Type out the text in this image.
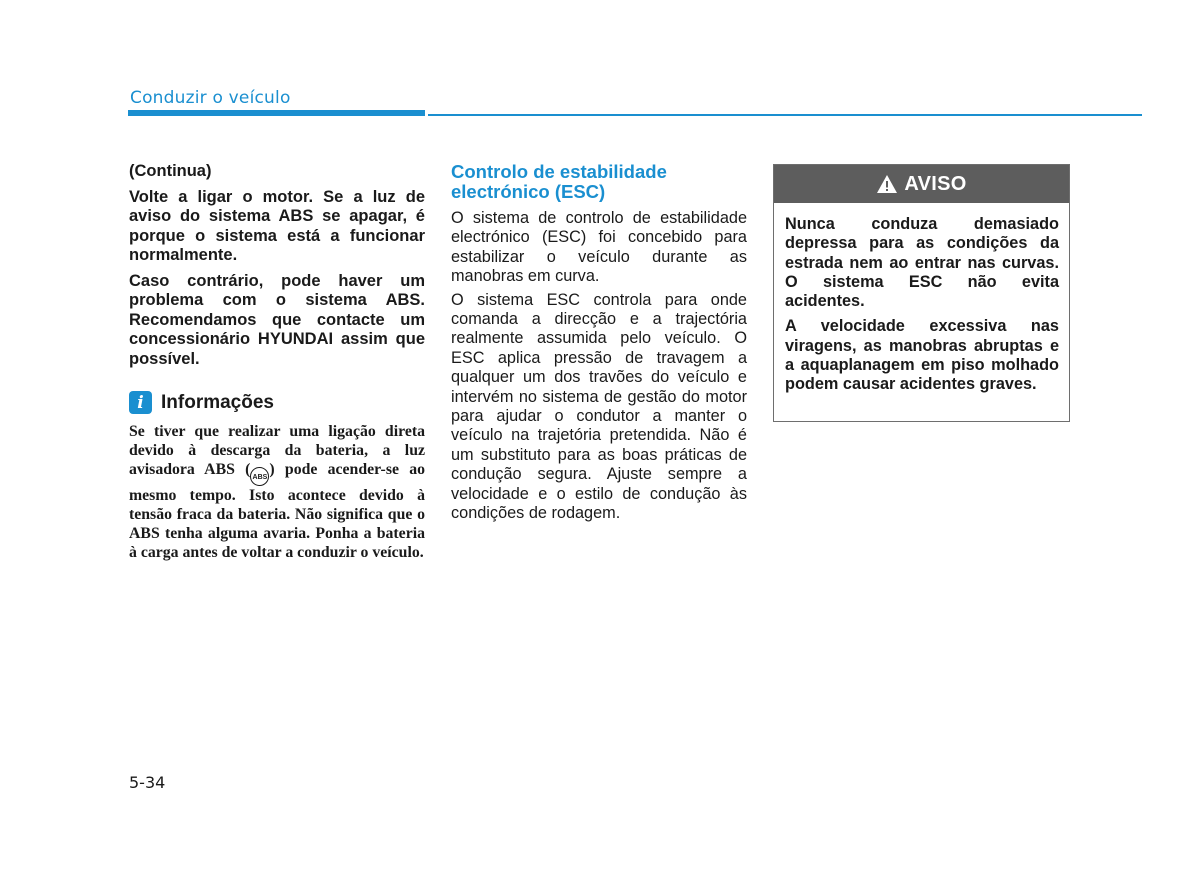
Conduzir o veículo

(Continua)

Volte a ligar o motor. Se a luz de aviso do sistema ABS se apagar, é porque o sistema está a funcionar normalmente.

Caso contrário, pode haver um problema com o sistema ABS. Recomendamos que contacte um concessionário HYUNDAI assim que possível.

i Informações

Se tiver que realizar uma ligação direta devido à descarga da bateria, a luz avisadora ABS ( ABS ) pode acender-se ao mesmo tempo. Isto acontece devido à tensão fraca da bateria. Não significa que o ABS tenha alguma avaria. Ponha a bateria à carga antes de voltar a conduzir o veículo.

Controlo de estabilidade electrónico (ESC)

O sistema de controlo de estabilidade electrónico (ESC) foi concebido para estabilizar o veículo durante as manobras em curva.

O sistema ESC controla para onde comanda a direcção e a trajectória realmente assumida pelo veículo. O ESC aplica pressão de travagem a qualquer um dos travões do veículo e intervém no sistema de gestão do motor para ajudar o condutor a manter o veículo na trajetória pretendida. Não é um substituto para as boas práticas de condução segura. Ajuste sempre a velocidade e o estilo de condução às condições de rodagem.

AVISO

Nunca conduza demasiado depressa para as condições da estrada nem ao entrar nas curvas. O sistema ESC não evita acidentes.

A velocidade excessiva nas viragens, as manobras abruptas e a aquaplanagem em piso molhado podem causar acidentes graves.

5-34
